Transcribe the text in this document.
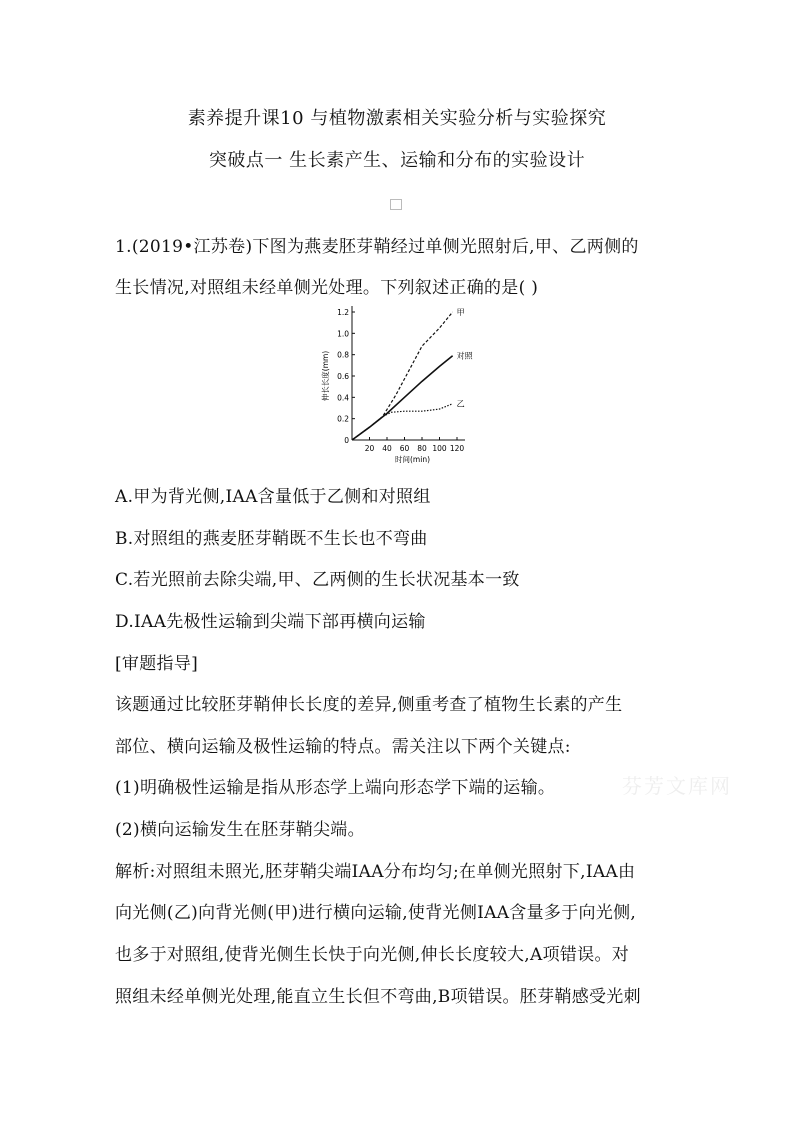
素养提升课10 与植物激素相关实验分析与实验探究
突破点一 生长素产生、运输和分布的实验设计
1.(2019•江苏卷)下图为燕麦胚芽鞘经过单侧光照射后,甲、乙两侧的
生长情况,对照组未经单侧光处理。下列叙述正确的是( )
0
0.2
0.4
0.6
0.8
1.0
1.2
20 40 60 80 100 120
伸长长度(mm)
时间(min)
甲
对照
乙
A.甲为背光侧,IAA含量低于乙侧和对照组
B.对照组的燕麦胚芽鞘既不生长也不弯曲
C.若光照前去除尖端,甲、乙两侧的生长状况基本一致
D.IAA先极性运输到尖端下部再横向运输
[审题指导]
该题通过比较胚芽鞘伸长长度的差异,侧重考查了植物生长素的产生
部位、横向运输及极性运输的特点。需关注以下两个关键点:
(1)明确极性运输是指从形态学上端向形态学下端的运输。
(2)横向运输发生在胚芽鞘尖端。
解析:对照组未照光,胚芽鞘尖端IAA分布均匀;在单侧光照射下,IAA由
向光侧(乙)向背光侧(甲)进行横向运输,使背光侧IAA含量多于向光侧,
也多于对照组,使背光侧生长快于向光侧,伸长长度较大,A项错误。对
照组未经单侧光处理,能直立生长但不弯曲,B项错误。胚芽鞘感受光刺
芬芳文库网
